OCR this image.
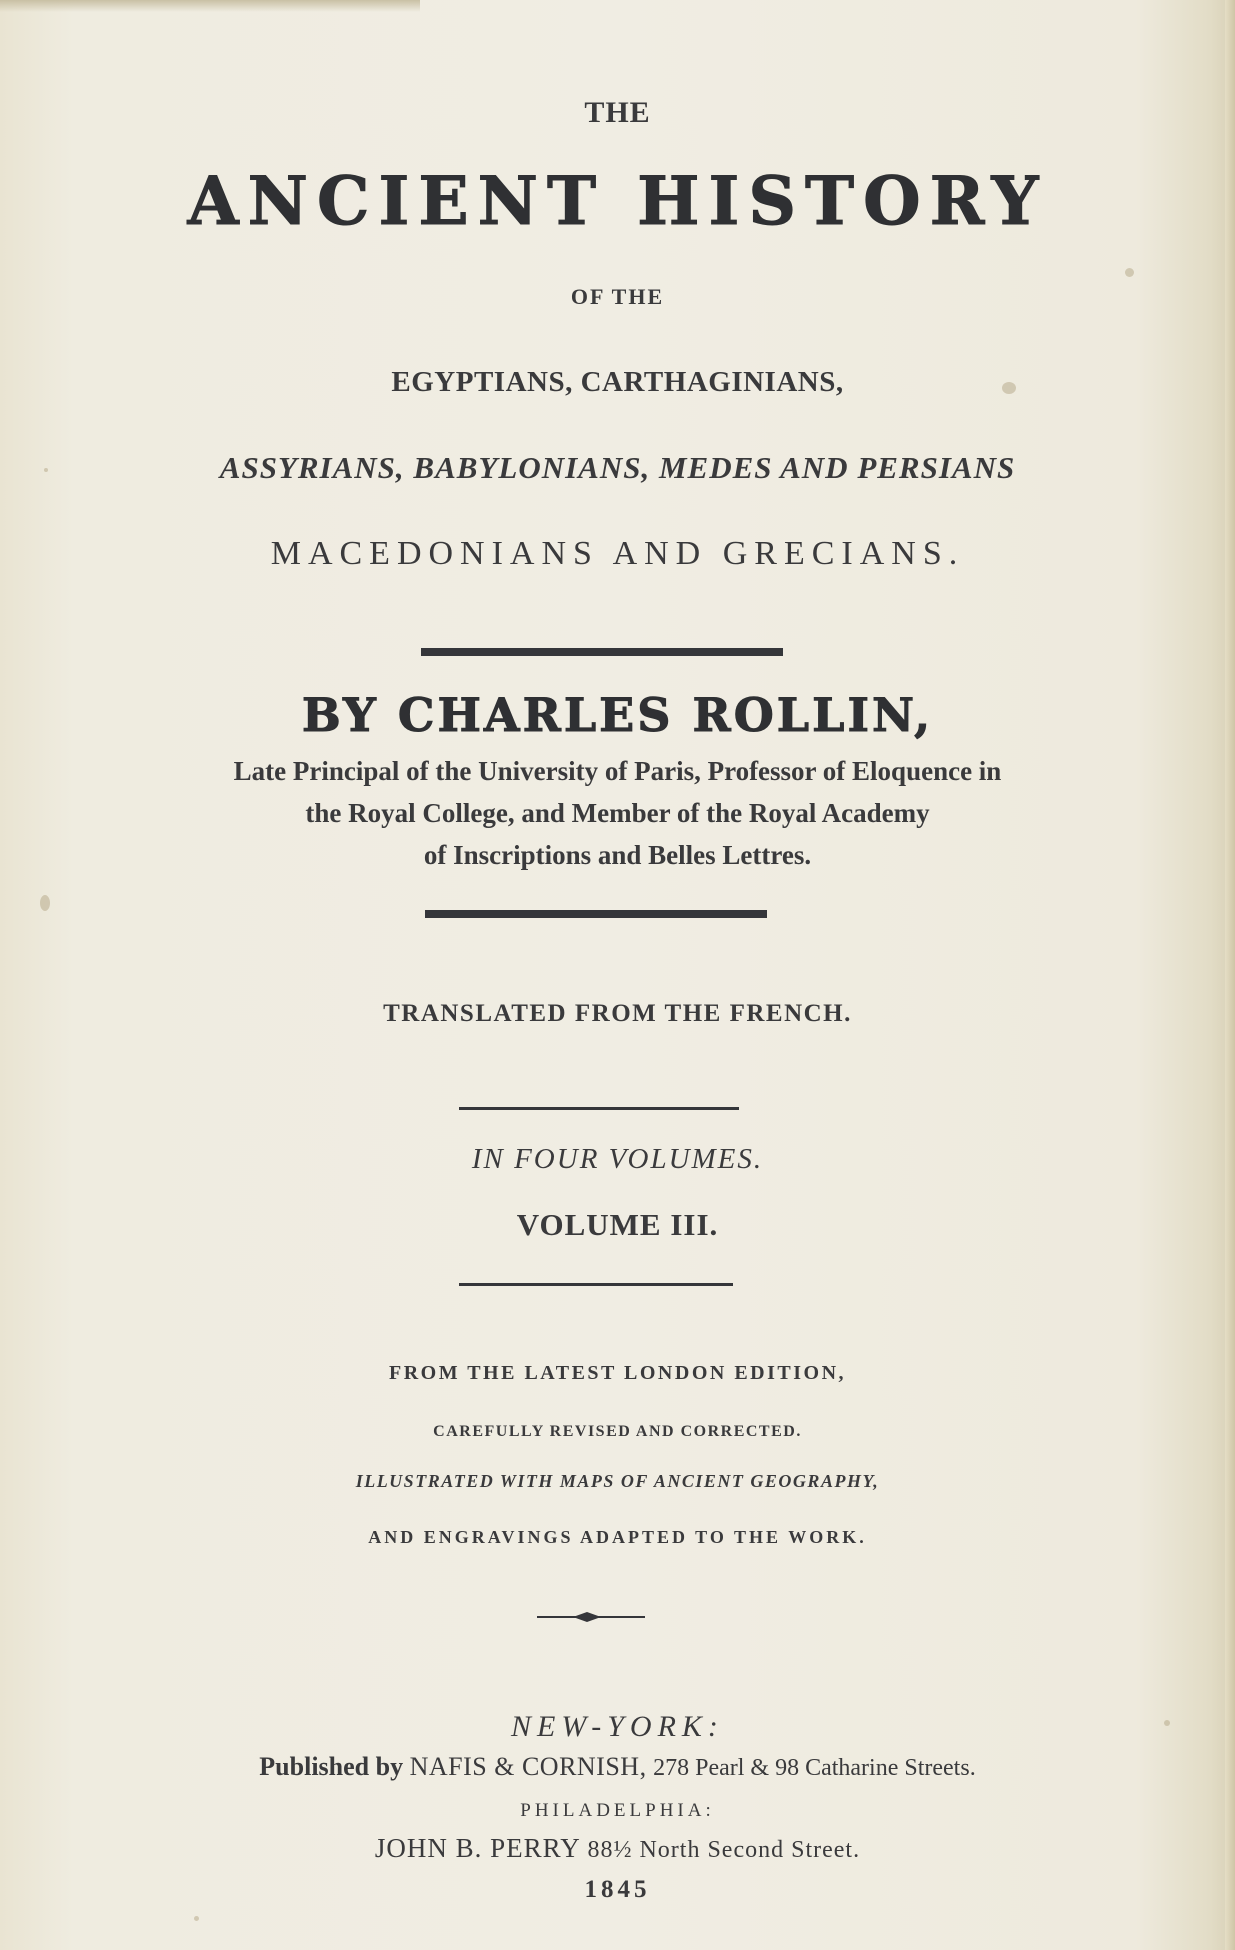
THE
ANCIENT HISTORY
OF THE
EGYPTIANS, CARTHAGINIANS,
ASSYRIANS, BABYLONIANS, MEDES AND PERSIANS
MACEDONIANS AND GRECIANS.
BY CHARLES ROLLIN,
Late Principal of the University of Paris, Professor of Eloquence in
the Royal College, and Member of the Royal Academy
of Inscriptions and Belles Lettres.
TRANSLATED FROM THE FRENCH.
IN FOUR VOLUMES.
VOLUME III.
FROM THE LATEST LONDON EDITION,
CAREFULLY REVISED AND CORRECTED.
ILLUSTRATED WITH MAPS OF ANCIENT GEOGRAPHY,
AND ENGRAVINGS ADAPTED TO THE WORK.
NEW-YORK:
Published by NAFIS & CORNISH, 278 Pearl & 98 Catharine Streets.
PHILADELPHIA:
JOHN B. PERRY 88½ North Second Street.
1845
